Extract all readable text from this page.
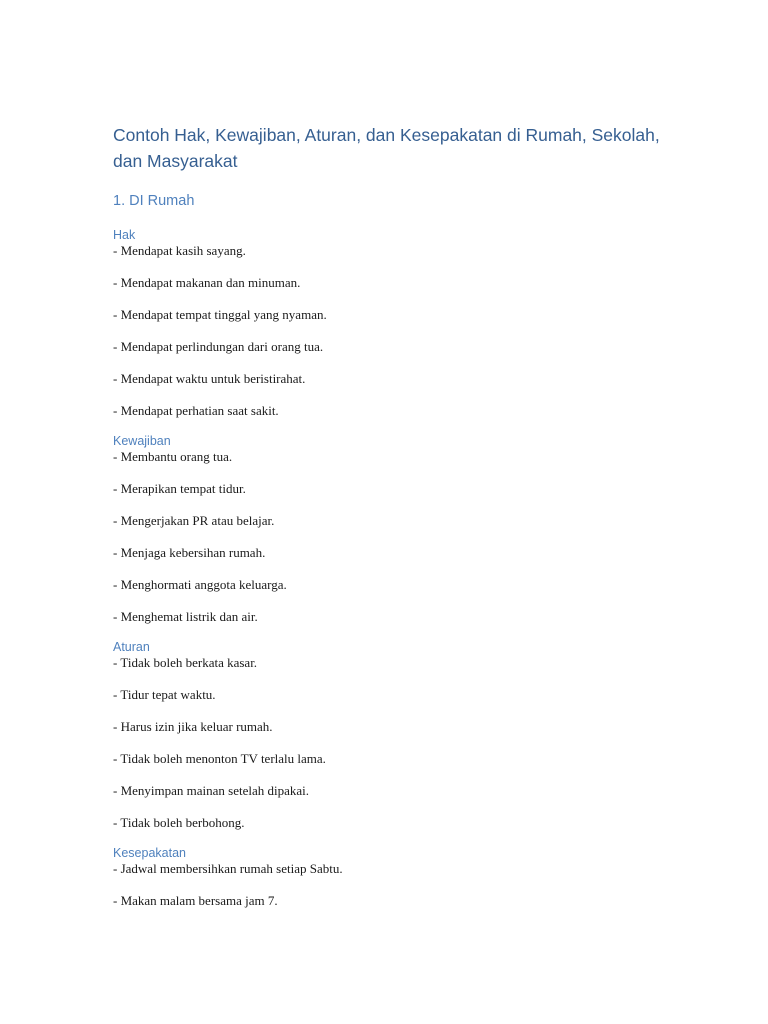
Contoh Hak, Kewajiban, Aturan, dan Kesepakatan di Rumah, Sekolah, dan Masyarakat
1. DI Rumah
Hak
- Mendapat kasih sayang.
- Mendapat makanan dan minuman.
- Mendapat tempat tinggal yang nyaman.
- Mendapat perlindungan dari orang tua.
- Mendapat waktu untuk beristirahat.
- Mendapat perhatian saat sakit.
Kewajiban
- Membantu orang tua.
- Merapikan tempat tidur.
- Mengerjakan PR atau belajar.
- Menjaga kebersihan rumah.
- Menghormati anggota keluarga.
- Menghemat listrik dan air.
Aturan
- Tidak boleh berkata kasar.
- Tidur tepat waktu.
- Harus izin jika keluar rumah.
- Tidak boleh menonton TV terlalu lama.
- Menyimpan mainan setelah dipakai.
- Tidak boleh berbohong.
Kesepakatan
- Jadwal membersihkan rumah setiap Sabtu.
- Makan malam bersama jam 7.
